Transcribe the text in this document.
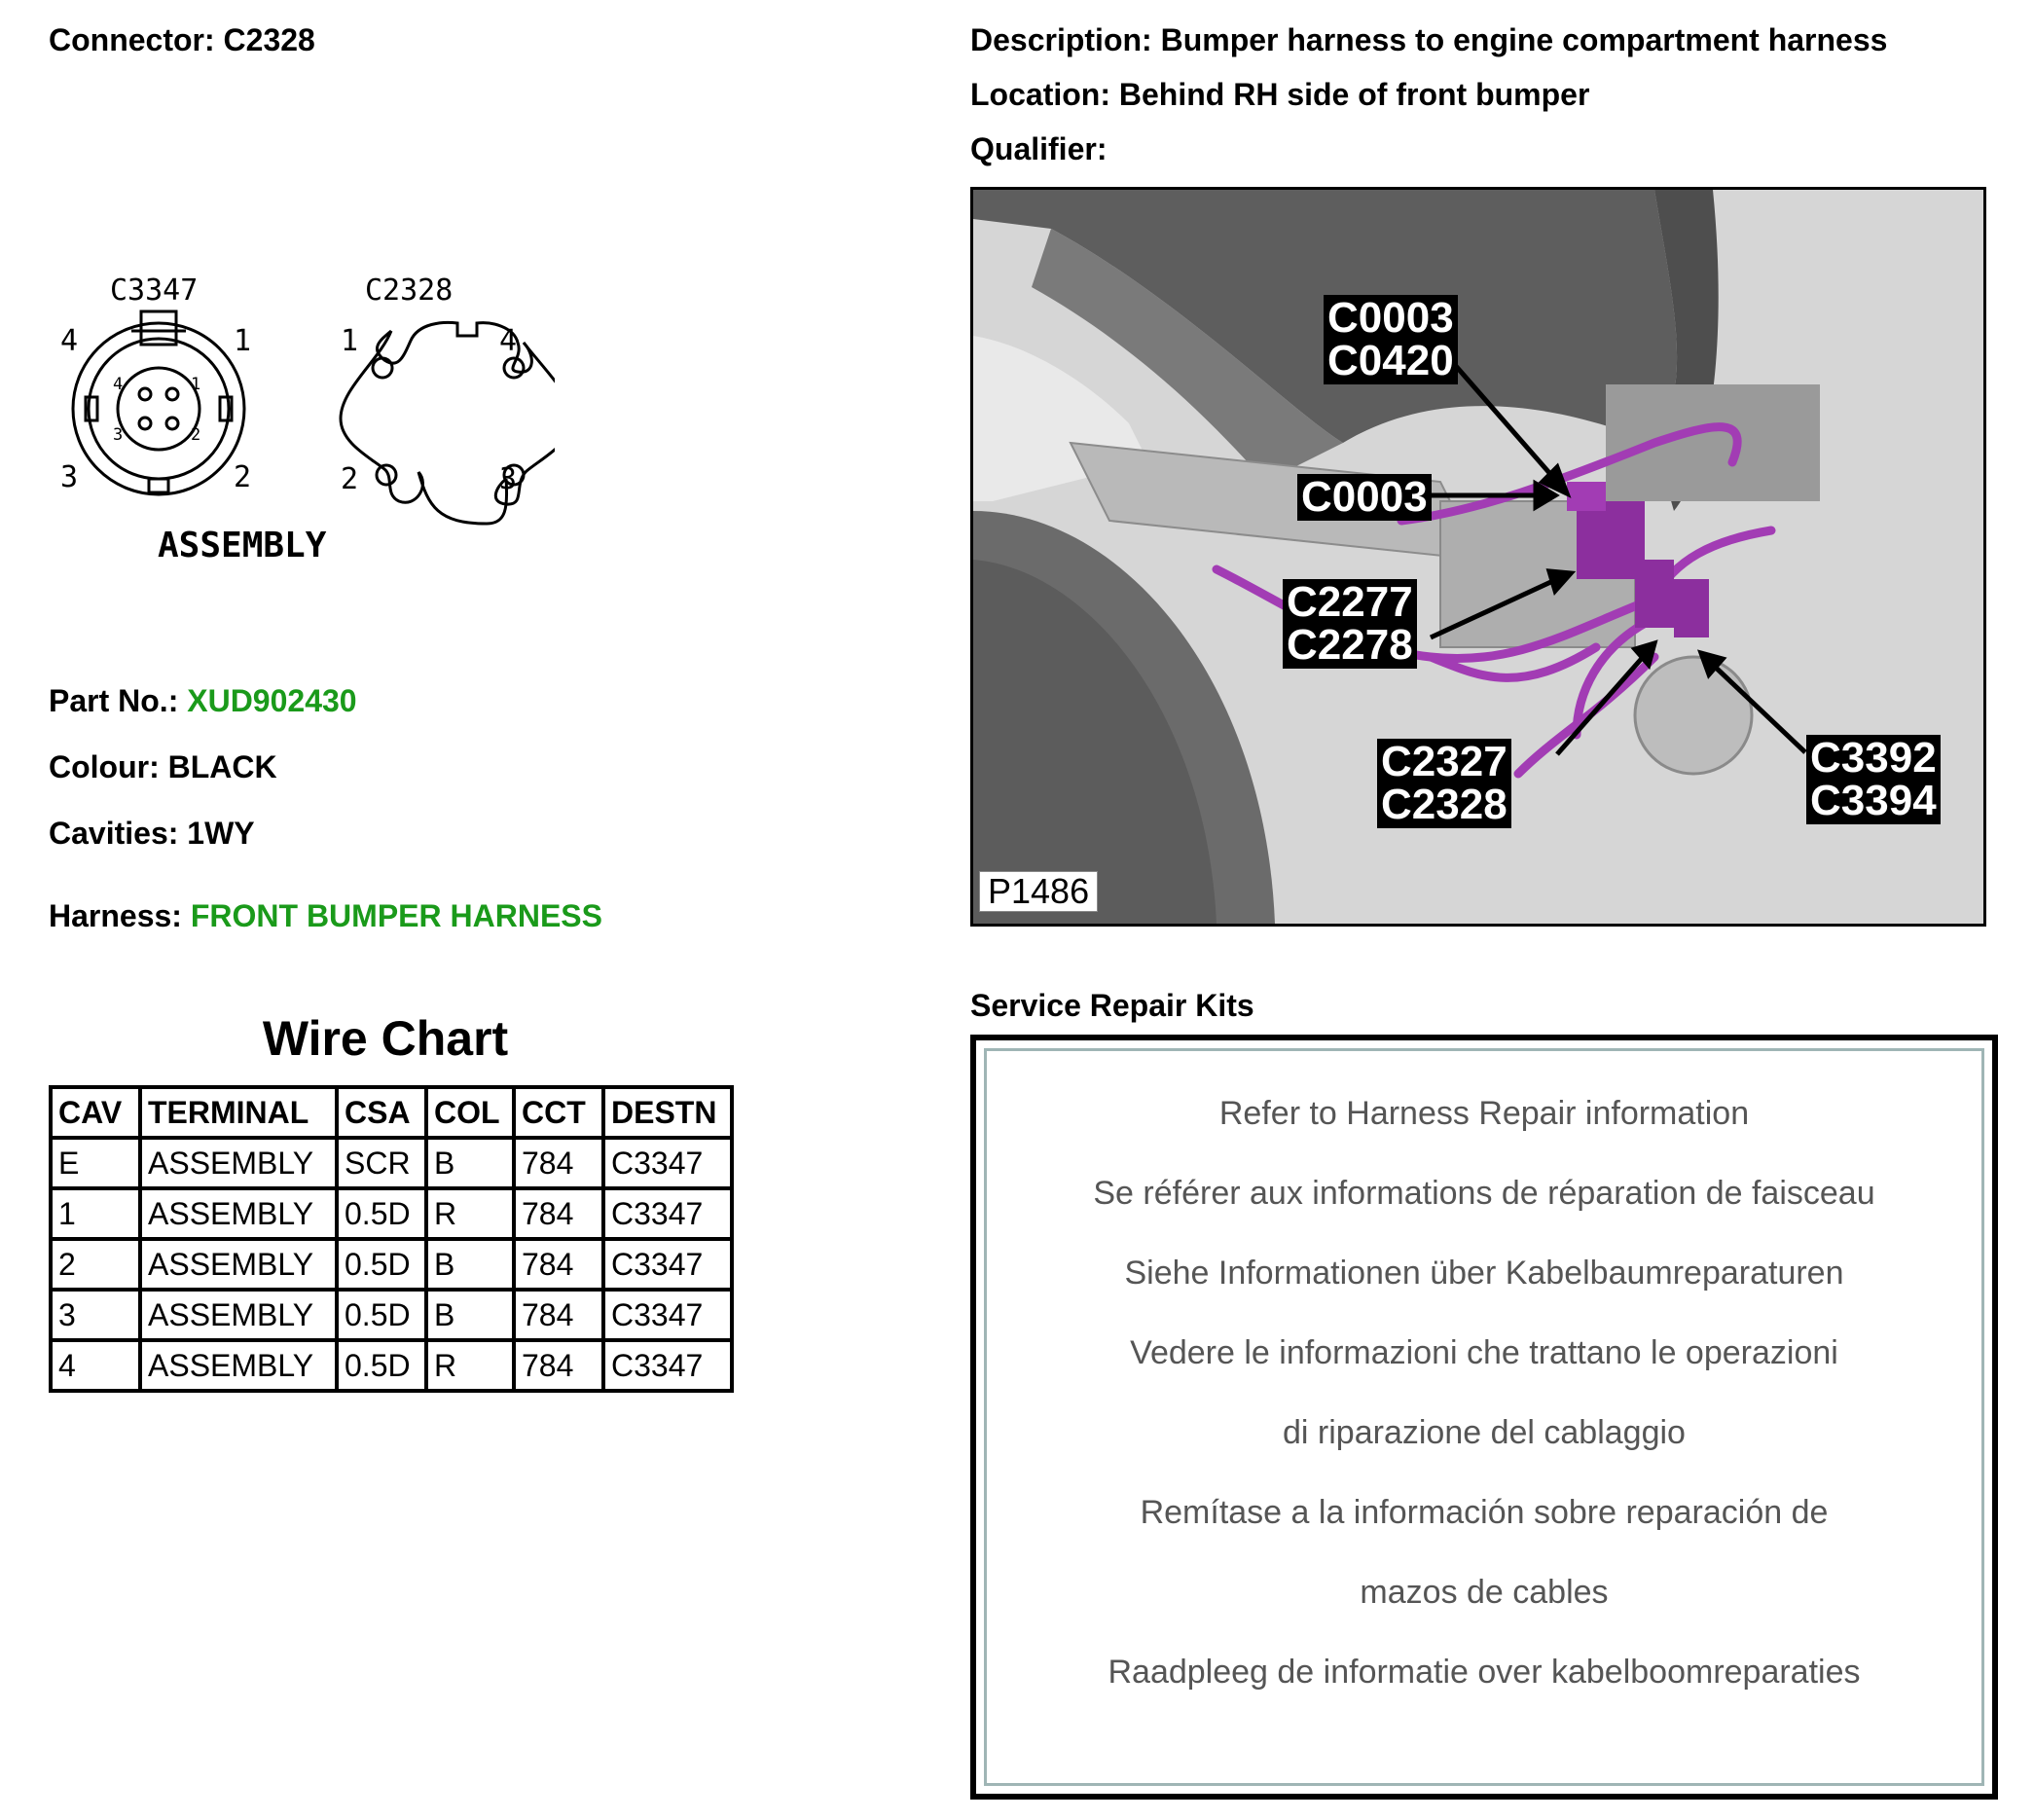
Connector: C2328	Description: Bumper harness to engine compartment harness
Location: Behind RH side of front bumper
Qualifier:
C3347
4	1
3	2
4	1
3	2
C2328
1	4
2	3
ASSEMBLY
Part No.: XUD902430
Colour: BLACK
Cavities: 1WY
Harness: FRONT BUMPER HARNESS
Wire Chart
CAV	TERMINAL	CSA	COL	CCT	DESTN
E	ASSEMBLY	SCR	B	784	C3347
1	ASSEMBLY	0.5D	R	784	C3347
2	ASSEMBLY	0.5D	B	784	C3347
3	ASSEMBLY	0.5D	B	784	C3347
4	ASSEMBLY	0.5D	R	784	C3347
C0003
C0420
C0003
C2277
C2278
C2327
C2328
C3392
C3394
P1486
Service Repair Kits
Refer to Harness Repair information
Se référer aux informations de réparation de faisceau
Siehe Informationen über Kabelbaumreparaturen
Vedere le informazioni che trattano le operazioni
di riparazione del cablaggio
Remítase a la información sobre reparación de
mazos de cables
Raadpleeg de informatie over kabelboomreparaties
